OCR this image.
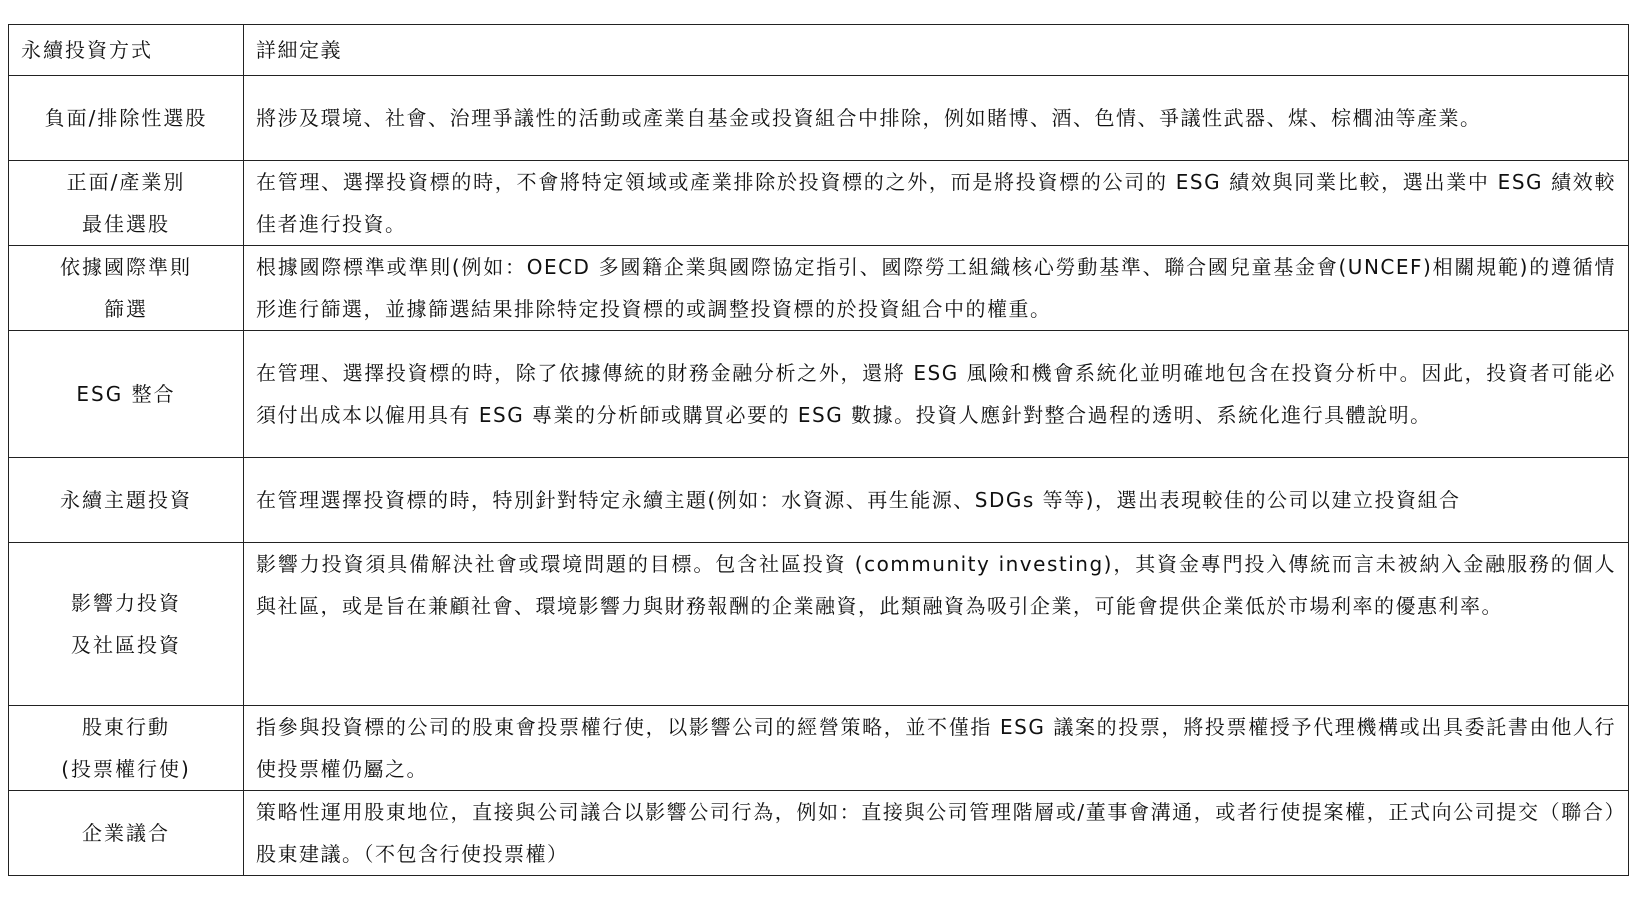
永續投資方式	詳細定義

負面/排除性選股	將涉及環境、社會、治理爭議性的活動或產業自基金或投資組合中排除，例如賭博、酒、色情、爭議性武器、煤、棕櫚油等產業。

正面/產業別
最佳選股	在管理、選擇投資標的時，不會將特定領域或產業排除於投資標的之外，而是將投資標的公司的 ESG 績效與同業比較，選出業中 ESG 績效較佳者進行投資。

依據國際準則
篩選	根據國際標準或準則(例如：OECD 多國籍企業與國際協定指引、國際勞工組織核心勞動基準、聯合國兒童基金會(UNCEF)相關規範)的遵循情形進行篩選，並據篩選結果排除特定投資標的或調整投資標的於投資組合中的權重。

ESG 整合	在管理、選擇投資標的時，除了依據傳統的財務金融分析之外，還將 ESG 風險和機會系統化並明確地包含在投資分析中。因此，投資者可能必須付出成本以僱用具有 ESG 專業的分析師或購買必要的 ESG 數據。投資人應針對整合過程的透明、系統化進行具體說明。

永續主題投資	在管理選擇投資標的時，特別針對特定永續主題(例如：水資源、再生能源、SDGs 等等)，選出表現較佳的公司以建立投資組合

影響力投資
及社區投資	影響力投資須具備解決社會或環境問題的目標。包含社區投資 (community investing)，其資金專門投入傳統而言未被納入金融服務的個人與社區，或是旨在兼顧社會、環境影響力與財務報酬的企業融資，此類融資為吸引企業，可能會提供企業低於市場利率的優惠利率。

股東行動
(投票權行使)	指參與投資標的公司的股東會投票權行使，以影響公司的經營策略，並不僅指 ESG 議案的投票，將投票權授予代理機構或出具委託書由他人行使投票權仍屬之。

企業議合	策略性運用股東地位，直接與公司議合以影響公司行為，例如：直接與公司管理階層或/董事會溝通，或者行使提案權，正式向公司提交（聯合）股東建議。（不包含行使投票權）
